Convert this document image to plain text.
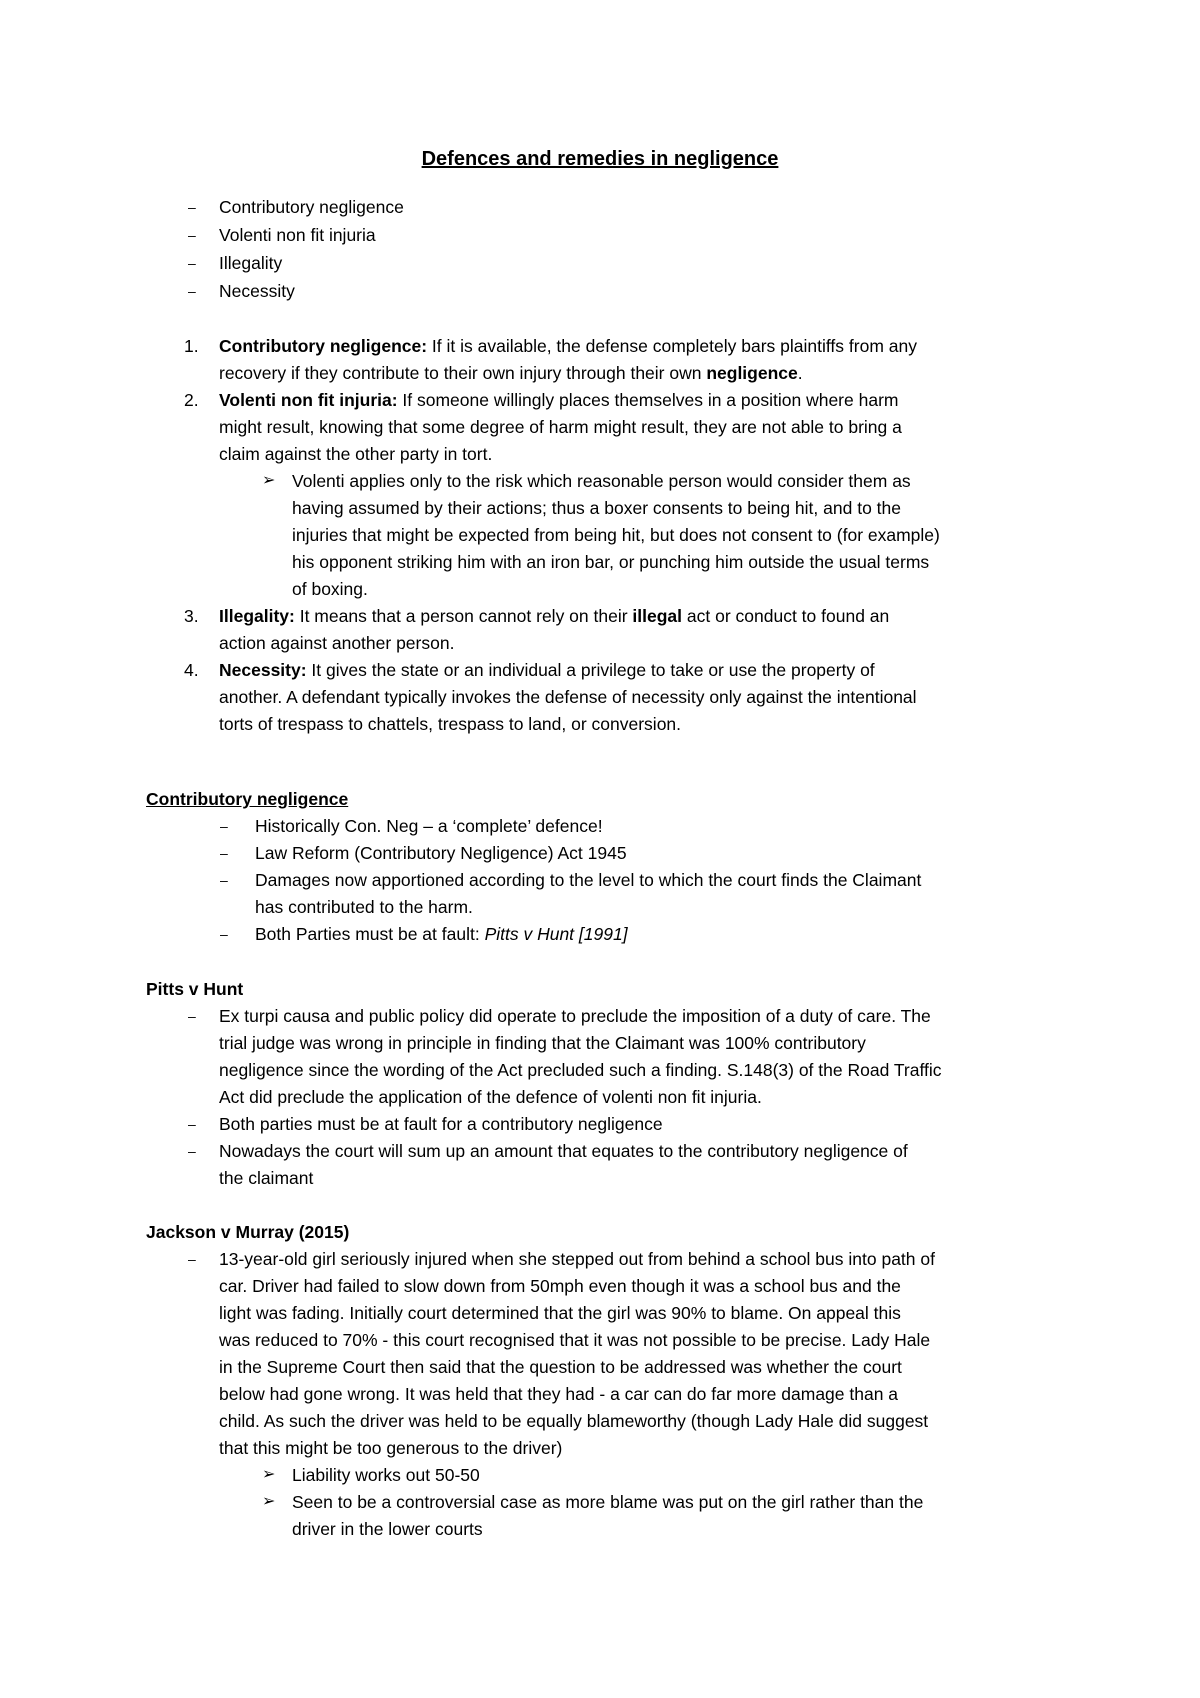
Defences and remedies in negligence
– Contributory negligence
– Volenti non fit injuria
– Illegality
– Necessity
1. Contributory negligence: If it is available, the defense completely bars plaintiffs from any
recovery if they contribute to their own injury through their own negligence.
2. Volenti non fit injuria: If someone willingly places themselves in a position where harm
might result, knowing that some degree of harm might result, they are not able to bring a
claim against the other party in tort.
➢ Volenti applies only to the risk which reasonable person would consider them as
having assumed by their actions; thus a boxer consents to being hit, and to the
injuries that might be expected from being hit, but does not consent to (for example)
his opponent striking him with an iron bar, or punching him outside the usual terms
of boxing.
3. Illegality: It means that a person cannot rely on their illegal act or conduct to found an
action against another person.
4. Necessity: It gives the state or an individual a privilege to take or use the property of
another. A defendant typically invokes the defense of necessity only against the intentional
torts of trespass to chattels, trespass to land, or conversion.
Contributory negligence
– Historically Con. Neg – a ‘complete’ defence!
– Law Reform (Contributory Negligence) Act 1945
– Damages now apportioned according to the level to which the court finds the Claimant
has contributed to the harm.
– Both Parties must be at fault: Pitts v Hunt [1991]
Pitts v Hunt
– Ex turpi causa and public policy did operate to preclude the imposition of a duty of care. The
trial judge was wrong in principle in finding that the Claimant was 100% contributory
negligence since the wording of the Act precluded such a finding. S.148(3) of the Road Traffic
Act did preclude the application of the defence of volenti non fit injuria.
– Both parties must be at fault for a contributory negligence
– Nowadays the court will sum up an amount that equates to the contributory negligence of
the claimant
Jackson v Murray (2015)
– 13-year-old girl seriously injured when she stepped out from behind a school bus into path of
car. Driver had failed to slow down from 50mph even though it was a school bus and the
light was fading. Initially court determined that the girl was 90% to blame. On appeal this
was reduced to 70% - this court recognised that it was not possible to be precise. Lady Hale
in the Supreme Court then said that the question to be addressed was whether the court
below had gone wrong. It was held that they had - a car can do far more damage than a
child. As such the driver was held to be equally blameworthy (though Lady Hale did suggest
that this might be too generous to the driver)
➢ Liability works out 50-50
➢ Seen to be a controversial case as more blame was put on the girl rather than the
driver in the lower courts
